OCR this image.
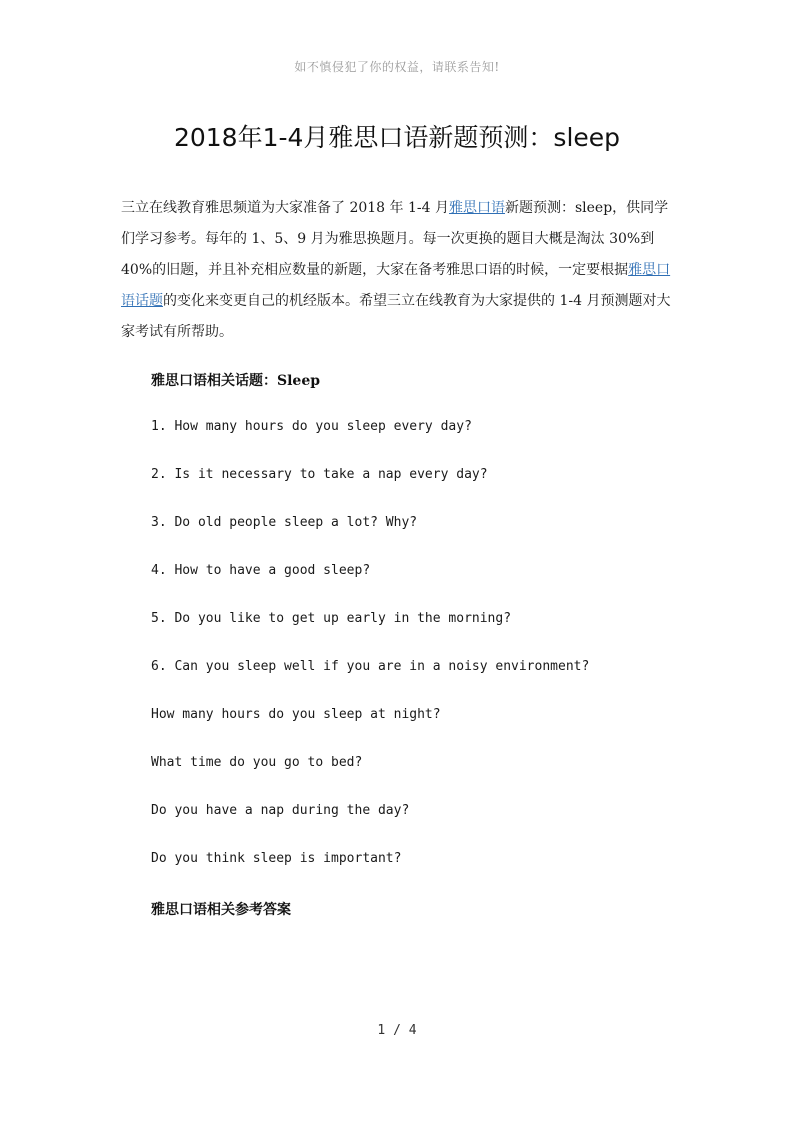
如不慎侵犯了你的权益，请联系告知!
2018年1-4月雅思口语新题预测：sleep

三立在线教育雅思频道为大家准备了 2018 年 1-4 月雅思口语新题预测：sleep，供同学们学习参考。每年的 1、5、9 月为雅思换题月。每一次更换的题目大概是淘汰 30%到 40%的旧题，并且补充相应数量的新题，大家在备考雅思口语的时候，一定要根据雅思口语话题的变化来变更自己的机经版本。希望三立在线教育为大家提供的 1-4 月预测题对大家考试有所帮助。

雅思口语相关话题：Sleep

1. How many hours do you sleep every day?

2. Is it necessary to take a nap every day?

3. Do old people sleep a lot? Why?

4. How to have a good sleep?

5. Do you like to get up early in the morning?

6. Can you sleep well if you are in a noisy environment?

How many hours do you sleep at night?

What time do you go to bed?

Do you have a nap during the day?

Do you think sleep is important?

雅思口语相关参考答案

1 / 4
